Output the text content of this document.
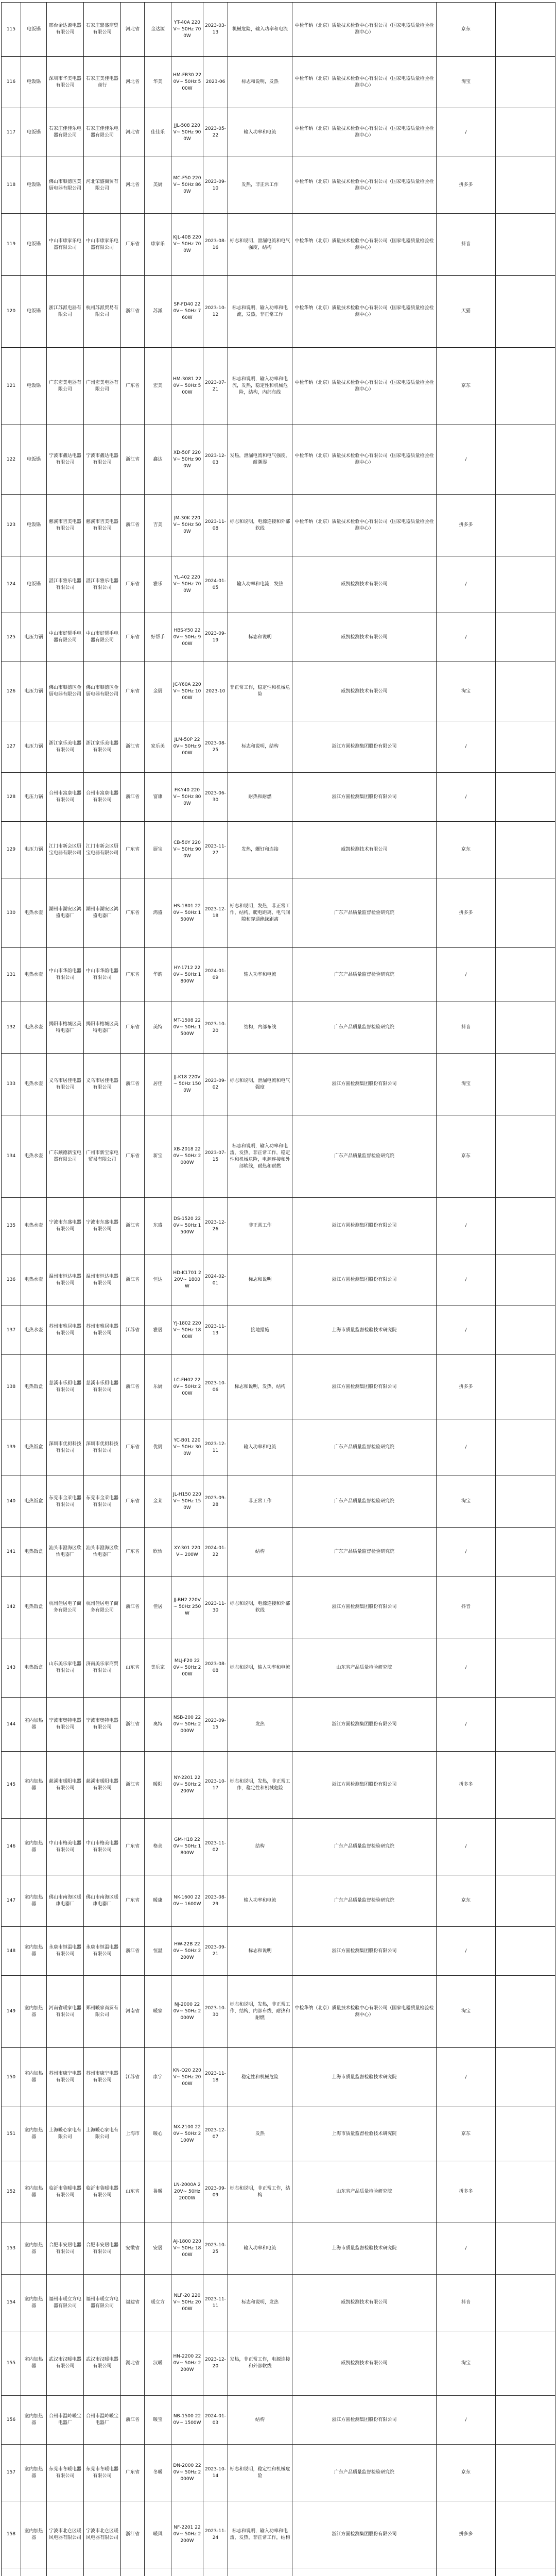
115	电饭锅	邢台金达源电器有限公司	石家庄鼎盛商贸有限公司	河北省	金达源	YT-40A 220V~ 50Hz 700W	2023-03-13	机械危险，输入功率和电流	中检华纳（北京）质量技术检验中心有限公司（国家电器质量检验检测中心）	京东	
116	电饭锅	深圳市华美电器有限公司	石家庄美佳电器商行	河北省	华美	HM-FB30 220V~ 50Hz 500W	2023-06	标志和说明，发热	中检华纳（北京）质量技术检验中心有限公司（国家电器质量检验检测中心）	淘宝	
117	电饭锅	石家庄佳佳乐电器有限公司	石家庄佳佳乐电器有限公司	河北省	佳佳乐	JJL-508 220V~ 50Hz 900W	2023-05-22	输入功率和电流	中检华纳（北京）质量技术检验中心有限公司（国家电器质量检验检测中心）	/	
118	电饭锅	佛山市顺德区美厨电器有限公司	河北荣盛商贸有限公司	河北省	美厨	MC-F50 220V~ 50Hz 860W	2023-09-10	发热，非正常工作	中检华纳（北京）质量技术检验中心有限公司（国家电器质量检验检测中心）	拼多多	
119	电饭锅	中山市康家乐电器有限公司	中山市康家乐电器有限公司	广东省	康家乐	KJL-40B 220V~ 50Hz 700W	2023-08-16	标志和说明，泄漏电流和电气强度，结构	中检华纳（北京）质量技术检验中心有限公司（国家电器质量检验检测中心）	抖音	
120	电饭锅	浙江苏派电器有限公司	杭州苏派贸易有限公司	浙江省	苏派	SP-FD40 220V~ 50Hz 760W	2023-10-12	标志和说明，输入功率和电流，发热，非正常工作	中检华纳（北京）质量技术检验中心有限公司（国家电器质量检验检测中心）	天猫	
121	电饭锅	广东宏美电器有限公司	广州宏美电器有限公司	广东省	宏美	HM-3081 220V~ 50Hz 500W	2023-07-21	标志和说明，输入功率和电流，发热，稳定性和机械危险，结构，内部布线	中检华纳（北京）质量技术检验中心有限公司（国家电器质量检验检测中心）	京东	
122	电饭锅	宁波市鑫达电器有限公司	宁波市鑫达电器有限公司	浙江省	鑫达	XD-50F 220V~ 50Hz 900W	2023-12-03	发热，泄漏电流和电气强度，耐潮湿	中检华纳（北京）质量技术检验中心有限公司（国家电器质量检验检测中心）	/	
123	电饭锅	慈溪市吉美电器有限公司	慈溪市吉美电器有限公司	浙江省	吉美	JM-30K 220V~ 50Hz 500W	2023-11-08	标志和说明，电源连接和外部软线	中检华纳（北京）质量技术检验中心有限公司（国家电器质量检验检测中心）	拼多多	
124	电饭锅	湛江市雅乐电器有限公司	湛江市雅乐电器有限公司	广东省	雅乐	YL-402 220V~ 50Hz 700W	2024-01-05	输入功率和电流，发热	威凯检测技术有限公司	/	
125	电压力锅	中山市好帮手电器有限公司	中山市好帮手电器有限公司	广东省	好帮手	HBS-Y50 220V~ 50Hz 900W	2023-09-19	标志和说明	威凯检测技术有限公司	/	
126	电压力锅	佛山市顺德区金厨电器有限公司	佛山市顺德区金厨电器有限公司	广东省	金厨	JC-Y60A 220V~ 50Hz 1000W	2023-10	非正常工作，稳定性和机械危险	威凯检测技术有限公司	淘宝	
127	电压力锅	浙江家乐美电器有限公司	浙江家乐美电器有限公司	浙江省	家乐美	JLM-50P 220V~ 50Hz 900W	2023-08-25	标志和说明，结构	浙江方圆检测集团股份有限公司	/	
128	电压力锅	台州市富康电器有限公司	台州市富康电器有限公司	浙江省	富康	FK-Y40 220V~ 50Hz 800W	2023-06-30	耐热和耐燃	浙江方圆检测集团股份有限公司	/	
129	电压力锅	江门市新会区厨宝电器有限公司	江门市新会区厨宝电器有限公司	广东省	厨宝	CB-50Y 220V~ 50Hz 900W	2023-11-27	发热，螺钉和连接	威凯检测技术有限公司	京东	
130	电热水壶	潮州市潮安区鸿盛电器厂	潮州市潮安区鸿盛电器厂	广东省	鸿盛	HS-1801 220V~ 50Hz 1500W	2023-12-18	标志和说明，发热，非正常工作，结构，爬电距离、电气间隙和穿通绝缘距离	广东产品质量监督检验研究院	拼多多	
131	电热水壶	中山市华韵电器有限公司	中山市华韵电器有限公司	广东省	华韵	HY-1712 220V~ 50Hz 1800W	2024-01-09	输入功率和电流	广东产品质量监督检验研究院	/	
132	电热水壶	揭阳市榕城区美特电器厂	揭阳市榕城区美特电器厂	广东省	美特	MT-1508 220V~ 50Hz 1500W	2023-10-20	结构，内部布线	广东产品质量监督检验研究院	抖音	
133	电热水壶	义乌市居佳电器有限公司	义乌市居佳电器有限公司	浙江省	居佳	JJ-K18 220V~ 50Hz 1500W	2023-09-02	标志和说明，泄漏电流和电气强度	浙江方圆检测集团股份有限公司	淘宝	
134	电热水壶	广东顺德新宝电器有限公司	广州市新宝家电贸易有限公司	广东省	新宝	XB-2018 220V~ 50Hz 2000W	2023-07-15	标志和说明，输入功率和电流，发热，非正常工作，稳定性和机械危险，电源连接和外部软线，耐热和耐燃	广东产品质量监督检验研究院	京东	
135	电热水壶	宁波市东盛电器有限公司	宁波市东盛电器有限公司	浙江省	东盛	DS-1520 220V~ 50Hz 1500W	2023-12-26	非正常工作	浙江方圆检测集团股份有限公司	/	
136	电热水壶	温州市恒达电器有限公司	温州市恒达电器有限公司	浙江省	恒达	HD-K1701 220V~ 1800W	2024-02-01	标志和说明	浙江方圆检测集团股份有限公司	/	
137	电热水壶	苏州市雅居电器有限公司	苏州市雅居电器有限公司	江苏省	雅居	YJ-1802 220V~ 50Hz 1800W	2023-11-13	接地措施	上海市质量监督检验技术研究院	/	
138	电热饭盒	慈溪市乐厨电器有限公司	慈溪市乐厨电器有限公司	浙江省	乐厨	LC-FH02 220V~ 50Hz 200W	2023-10-06	标志和说明，发热，结构	浙江方圆检测集团股份有限公司	拼多多	
139	电热饭盒	深圳市优厨科技有限公司	深圳市优厨科技有限公司	广东省	优厨	YC-B01 220V~ 50Hz 300W	2023-12-11	输入功率和电流	广东产品质量监督检验研究院	/	
140	电热饭盒	东莞市金莱电器有限公司	东莞市金莱电器有限公司	广东省	金莱	JL-H150 220V~ 50Hz 150W	2023-09-28	非正常工作	广东产品质量监督检验研究院	淘宝	
141	电热饭盒	汕头市澄海区欣怡电器厂	汕头市澄海区欣怡电器厂	广东省	欣怡	XY-301 220V~ 200W	2024-01-22	结构	广东产品质量监督检验研究院	/	
142	电热饭盒	杭州佳居电子商务有限公司	杭州佳居电子商务有限公司	浙江省	佳居	JJ-BH2 220V~ 50Hz 250W	2023-11-30	标志和说明，电源连接和外部软线	浙江方圆检测集团股份有限公司	抖音	
143	电热饭盒	山东美乐家电器有限公司	济南美乐家商贸有限公司	山东省	美乐家	MLJ-F20 220V~ 50Hz 200W	2023-08-08	标志和说明，输入功率和电流	山东省产品质量检验研究院	/	
144	室内加热器	宁波市奥特电器有限公司	宁波市奥特电器有限公司	浙江省	奥特	NSB-200 220V~ 50Hz 2000W	2023-09-15	发热	浙江方圆检测集团股份有限公司	/	
145	室内加热器	慈溪市暖阳电器有限公司	慈溪市暖阳电器有限公司	浙江省	暖阳	NY-2201 220V~ 50Hz 2200W	2023-10-17	标志和说明，发热，非正常工作，稳定性和机械危险	浙江方圆检测集团股份有限公司	拼多多	
146	室内加热器	中山市格美电器有限公司	中山市格美电器有限公司	广东省	格美	GM-H18 220V~ 50Hz 1800W	2023-11-02	结构	广东产品质量监督检验研究院	/	
147	室内加热器	佛山市南海区暖康电器厂	佛山市南海区暖康电器厂	广东省	暖康	NK-1600 220V~ 1600W	2023-08-29	输入功率和电流	广东产品质量监督检验研究院	京东	
148	室内加热器	永康市恒温电器有限公司	永康市恒温电器有限公司	浙江省	恒温	HW-22B 220V~ 50Hz 2200W	2023-09-21	标志和说明	浙江方圆检测集团股份有限公司	/	
149	室内加热器	河南省暖家电器有限公司	郑州暖家商贸有限公司	河南省	暖家	NJ-2000 220V~ 50Hz 2000W	2023-10-30	标志和说明，发热，非正常工作，结构，内部布线，耐热和耐燃	中检华纳（北京）质量技术检验中心有限公司（国家电器质量检验检测中心）	淘宝	
150	室内加热器	苏州市康宁电器有限公司	苏州市康宁电器有限公司	江苏省	康宁	KN-Q20 220V~ 50Hz 2000W	2023-11-18	稳定性和机械危险	上海市质量监督检验技术研究院	/	
151	室内加热器	上海暖心家电有限公司	上海暖心家电有限公司	上海市	暖心	NX-2100 220V~ 50Hz 2100W	2023-12-07	发热	上海市质量监督检验技术研究院	京东	
152	室内加热器	临沂市鲁暖电器有限公司	临沂市鲁暖电器有限公司	山东省	鲁暖	LN-2000A 220V~ 50Hz 2000W	2023-09-09	标志和说明，非正常工作，结构	山东省产品质量检验研究院	拼多多	
153	室内加热器	合肥市安居电器有限公司	合肥市安居电器有限公司	安徽省	安居	AJ-1800 220V~ 50Hz 1800W	2023-10-25	输入功率和电流	上海市质量监督检验技术研究院	/	
154	室内加热器	福州市暖立方电器有限公司	福州市暖立方电器有限公司	福建省	暖立方	NLF-20 220V~ 50Hz 2000W	2023-11-11	标志和说明，发热	威凯检测技术有限公司	抖音	
155	室内加热器	武汉市汉暖电器有限公司	武汉市汉暖电器有限公司	湖北省	汉暖	HN-2200 220V~ 50Hz 2200W	2023-12-20	发热，非正常工作，电源连接和外部软线	威凯检测技术有限公司	淘宝	
156	室内加热器	台州市温岭暖宝电器厂	台州市温岭暖宝电器厂	浙江省	暖宝	NB-1500 220V~ 1500W	2024-01-03	结构	浙江方圆检测集团股份有限公司	/	
157	室内加热器	东莞市冬暖电器有限公司	东莞市冬暖电器有限公司	广东省	冬暖	DN-2000 220V~ 50Hz 2000W	2023-10-14	标志和说明，稳定性和机械危险	广东产品质量监督检验研究院	京东	
158	室内加热器	宁波市北仑区暖风电器有限公司	宁波市北仑区暖风电器有限公司	浙江省	暖风	NF-2201 220V~ 50Hz 2200W	2023-11-24	标志和说明，输入功率和电流，发热，非正常工作，结构	浙江方圆检测集团股份有限公司	拼多多	
